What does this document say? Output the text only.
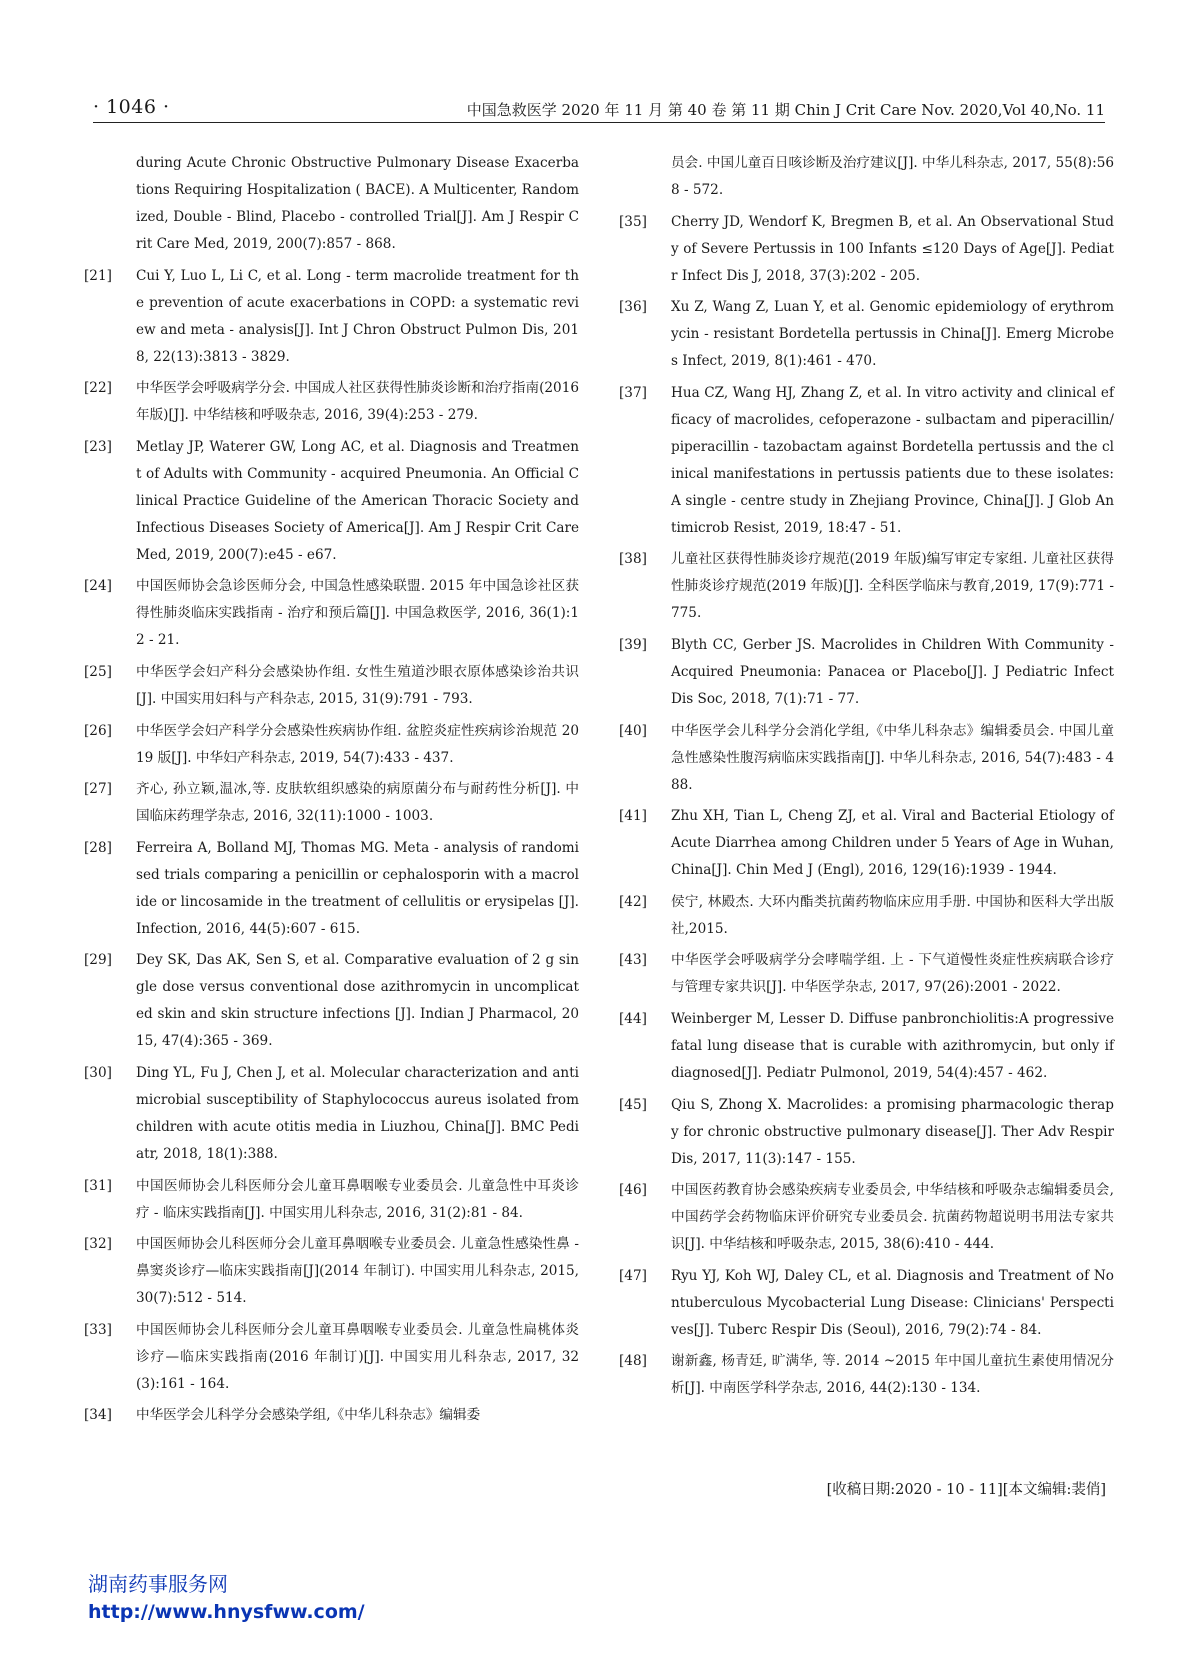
· 1046 ·	中国急救医学 2020 年 11 月 第 40 卷 第 11 期 Chin J Crit Care Nov. 2020,Vol 40,No. 11
during Acute Chronic Obstructive Pulmonary Disease Exacerbations Requiring Hospitalization ( BACE). A Multicenter, Randomized, Double - Blind, Placebo - controlled Trial[J]. Am J Respir Crit Care Med, 2019, 200(7):857 - 868.
[21]	Cui Y, Luo L, Li C, et al. Long - term macrolide treatment for the prevention of acute exacerbations in COPD: a systematic review and meta - analysis[J]. Int J Chron Obstruct Pulmon Dis, 2018, 22(13):3813 - 3829.
[22]	中华医学会呼吸病学分会. 中国成人社区获得性肺炎诊断和治疗指南(2016 年版)[J]. 中华结核和呼吸杂志, 2016, 39(4):253 - 279.
[23]	Metlay JP, Waterer GW, Long AC, et al. Diagnosis and Treatment of Adults with Community - acquired Pneumonia. An Official Clinical Practice Guideline of the American Thoracic Society and Infectious Diseases Society of America[J]. Am J Respir Crit Care Med, 2019, 200(7):e45 - e67.
[24]	中国医师协会急诊医师分会, 中国急性感染联盟. 2015 年中国急诊社区获得性肺炎临床实践指南 - 治疗和预后篇[J]. 中国急救医学, 2016, 36(1):12 - 21.
[25]	中华医学会妇产科分会感染协作组. 女性生殖道沙眼衣原体感染诊治共识[J]. 中国实用妇科与产科杂志, 2015, 31(9):791 - 793.
[26]	中华医学会妇产科学分会感染性疾病协作组. 盆腔炎症性疾病诊治规范 2019 版[J]. 中华妇产科杂志, 2019, 54(7):433 - 437.
[27]	齐心, 孙立颖,温冰,等. 皮肤软组织感染的病原菌分布与耐药性分析[J]. 中国临床药理学杂志, 2016, 32(11):1000 - 1003.
[28]	Ferreira A, Bolland MJ, Thomas MG. Meta - analysis of randomised trials comparing a penicillin or cephalosporin with a macrolide or lincosamide in the treatment of cellulitis or erysipelas [J]. Infection, 2016, 44(5):607 - 615.
[29]	Dey SK, Das AK, Sen S, et al. Comparative evaluation of 2 g single dose versus conventional dose azithromycin in uncomplicated skin and skin structure infections [J]. Indian J Pharmacol, 2015, 47(4):365 - 369.
[30]	Ding YL, Fu J, Chen J, et al. Molecular characterization and antimicrobial susceptibility of Staphylococcus aureus isolated from children with acute otitis media in Liuzhou, China[J]. BMC Pediatr, 2018, 18(1):388.
[31]	中国医师协会儿科医师分会儿童耳鼻咽喉专业委员会. 儿童急性中耳炎诊疗 - 临床实践指南[J]. 中国实用儿科杂志, 2016, 31(2):81 - 84.
[32]	中国医师协会儿科医师分会儿童耳鼻咽喉专业委员会. 儿童急性感染性鼻 - 鼻窦炎诊疗—临床实践指南[J](2014 年制订). 中国实用儿科杂志, 2015, 30(7):512 - 514.
[33]	中国医师协会儿科医师分会儿童耳鼻咽喉专业委员会. 儿童急性扁桃体炎诊疗—临床实践指南(2016 年制订)[J]. 中国实用儿科杂志, 2017, 32 (3):161 - 164.
[34]	中华医学会儿科学分会感染学组,《中华儿科杂志》编辑委
员会. 中国儿童百日咳诊断及治疗建议[J]. 中华儿科杂志, 2017, 55(8):568 - 572.
[35]	Cherry JD, Wendorf K, Bregmen B, et al. An Observational Study of Severe Pertussis in 100 Infants ≤120 Days of Age[J]. Pediatr Infect Dis J, 2018, 37(3):202 - 205.
[36]	Xu Z, Wang Z, Luan Y, et al. Genomic epidemiology of erythromycin - resistant Bordetella pertussis in China[J]. Emerg Microbes Infect, 2019, 8(1):461 - 470.
[37]	Hua CZ, Wang HJ, Zhang Z, et al. In vitro activity and clinical efficacy of macrolides, cefoperazone - sulbactam and piperacillin/piperacillin - tazobactam against Bordetella pertussis and the clinical manifestations in pertussis patients due to these isolates: A single - centre study in Zhejiang Province, China[J]. J Glob Antimicrob Resist, 2019, 18:47 - 51.
[38]	儿童社区获得性肺炎诊疗规范(2019 年版)编写审定专家组. 儿童社区获得性肺炎诊疗规范(2019 年版)[J]. 全科医学临床与教育,2019, 17(9):771 - 775.
[39]	Blyth CC, Gerber JS. Macrolides in Children With Community - Acquired Pneumonia: Panacea or Placebo[J]. J Pediatric Infect Dis Soc, 2018, 7(1):71 - 77.
[40]	中华医学会儿科学分会消化学组,《中华儿科杂志》编辑委员会. 中国儿童急性感染性腹泻病临床实践指南[J]. 中华儿科杂志, 2016, 54(7):483 - 488.
[41]	Zhu XH, Tian L, Cheng ZJ, et al. Viral and Bacterial Etiology of Acute Diarrhea among Children under 5 Years of Age in Wuhan, China[J]. Chin Med J (Engl), 2016, 129(16):1939 - 1944.
[42]	侯宁, 林殿杰. 大环内酯类抗菌药物临床应用手册. 中国协和医科大学出版社,2015.
[43]	中华医学会呼吸病学分会哮喘学组. 上 - 下气道慢性炎症性疾病联合诊疗与管理专家共识[J]. 中华医学杂志, 2017, 97(26):2001 - 2022.
[44]	Weinberger M, Lesser D. Diffuse panbronchiolitis:A progressive fatal lung disease that is curable with azithromycin, but only if diagnosed[J]. Pediatr Pulmonol, 2019, 54(4):457 - 462.
[45]	Qiu S, Zhong X. Macrolides: a promising pharmacologic therapy for chronic obstructive pulmonary disease[J]. Ther Adv Respir Dis, 2017, 11(3):147 - 155.
[46]	中国医药教育协会感染疾病专业委员会, 中华结核和呼吸杂志编辑委员会, 中国药学会药物临床评价研究专业委员会. 抗菌药物超说明书用法专家共识[J]. 中华结核和呼吸杂志, 2015, 38(6):410 - 444.
[47]	Ryu YJ, Koh WJ, Daley CL, et al. Diagnosis and Treatment of Nontuberculous Mycobacterial Lung Disease: Clinicians' Perspectives[J]. Tuberc Respir Dis (Seoul), 2016, 79(2):74 - 84.
[48]	谢新鑫, 杨青廷, 旷满华, 等. 2014 ~2015 年中国儿童抗生素使用情况分析[J]. 中南医学科学杂志, 2016, 44(2):130 - 134.
[收稿日期:2020 - 10 - 11][本文编辑:裴俏]
湖南药事服务网
http://www.hnysfww.com/
